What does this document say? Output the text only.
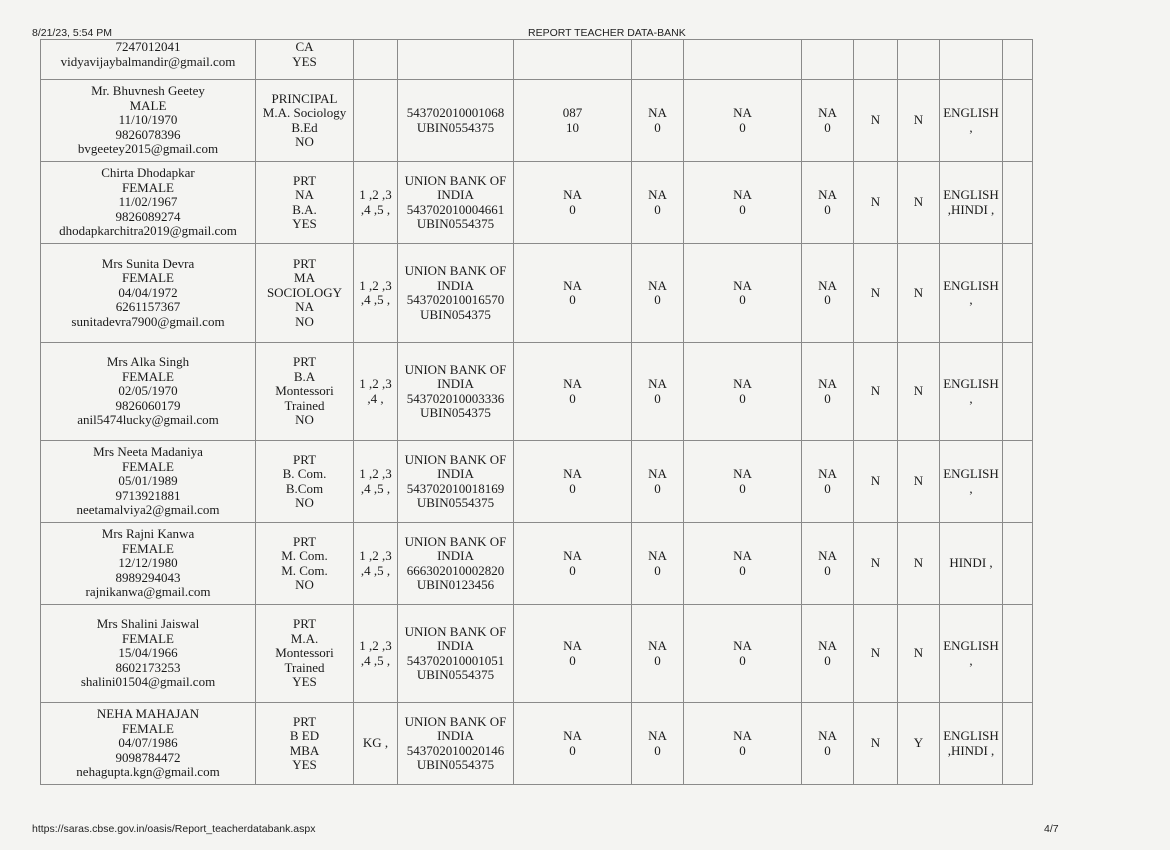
8/21/23, 5:54 PM	REPORT TEACHER DATA-BANK
7247012041
vidyavijaybalmandir@gmail.com	CA
YES										

Mr. Bhuvnesh Geetey
MALE
11/10/1970
9826078396
bvgeetey2015@gmail.com	PRINCIPAL
M.A. Sociology
B.Ed
NO		543702010001068
UBIN0554375	087
10	NA
0	NA
0	NA
0	N	N	ENGLISH
,	

Chirta Dhodapkar
FEMALE
11/02/1967
9826089274
dhodapkarchitra2019@gmail.com	PRT
NA
B.A.
YES	1 ,2 ,3
,4 ,5 ,	UNION BANK OF
INDIA
543702010004661
UBIN0554375	NA
0	NA
0	NA
0	NA
0	N	N	ENGLISH
,HINDI ,	

Mrs Sunita Devra
FEMALE
04/04/1972
6261157367
sunitadevra7900@gmail.com	PRT
MA
SOCIOLOGY
NA
NO	1 ,2 ,3
,4 ,5 ,	UNION BANK OF
INDIA
543702010016570
UBIN054375	NA
0	NA
0	NA
0	NA
0	N	N	ENGLISH
,	

Mrs Alka Singh
FEMALE
02/05/1970
9826060179
anil5474lucky@gmail.com	PRT
B.A
Montessori
Trained
NO	1 ,2 ,3
,4 ,	UNION BANK OF
INDIA
543702010003336
UBIN054375	NA
0	NA
0	NA
0	NA
0	N	N	ENGLISH
,	

Mrs Neeta Madaniya
FEMALE
05/01/1989
9713921881
neetamalviya2@gmail.com	PRT
B. Com.
B.Com
NO	1 ,2 ,3
,4 ,5 ,	UNION BANK OF
INDIA
543702010018169
UBIN0554375	NA
0	NA
0	NA
0	NA
0	N	N	ENGLISH
,	

Mrs Rajni Kanwa
FEMALE
12/12/1980
8989294043
rajnikanwa@gmail.com	PRT
M. Com.
M. Com.
NO	1 ,2 ,3
,4 ,5 ,	UNION BANK OF
INDIA
666302010002820
UBIN0123456	NA
0	NA
0	NA
0	NA
0	N	N	HINDI ,	

Mrs Shalini Jaiswal
FEMALE
15/04/1966
8602173253
shalini01504@gmail.com	PRT
M.A.
Montessori
Trained
YES	1 ,2 ,3
,4 ,5 ,	UNION BANK OF
INDIA
543702010001051
UBIN0554375	NA
0	NA
0	NA
0	NA
0	N	N	ENGLISH
,	

NEHA MAHAJAN
FEMALE
04/07/1986
9098784472
nehagupta.kgn@gmail.com	PRT
B ED
MBA
YES	KG ,	UNION BANK OF
INDIA
543702010020146
UBIN0554375	NA
0	NA
0	NA
0	NA
0	N	Y	ENGLISH
,HINDI ,	

https://saras.cbse.gov.in/oasis/Report_teacherdatabank.aspx	4/7
